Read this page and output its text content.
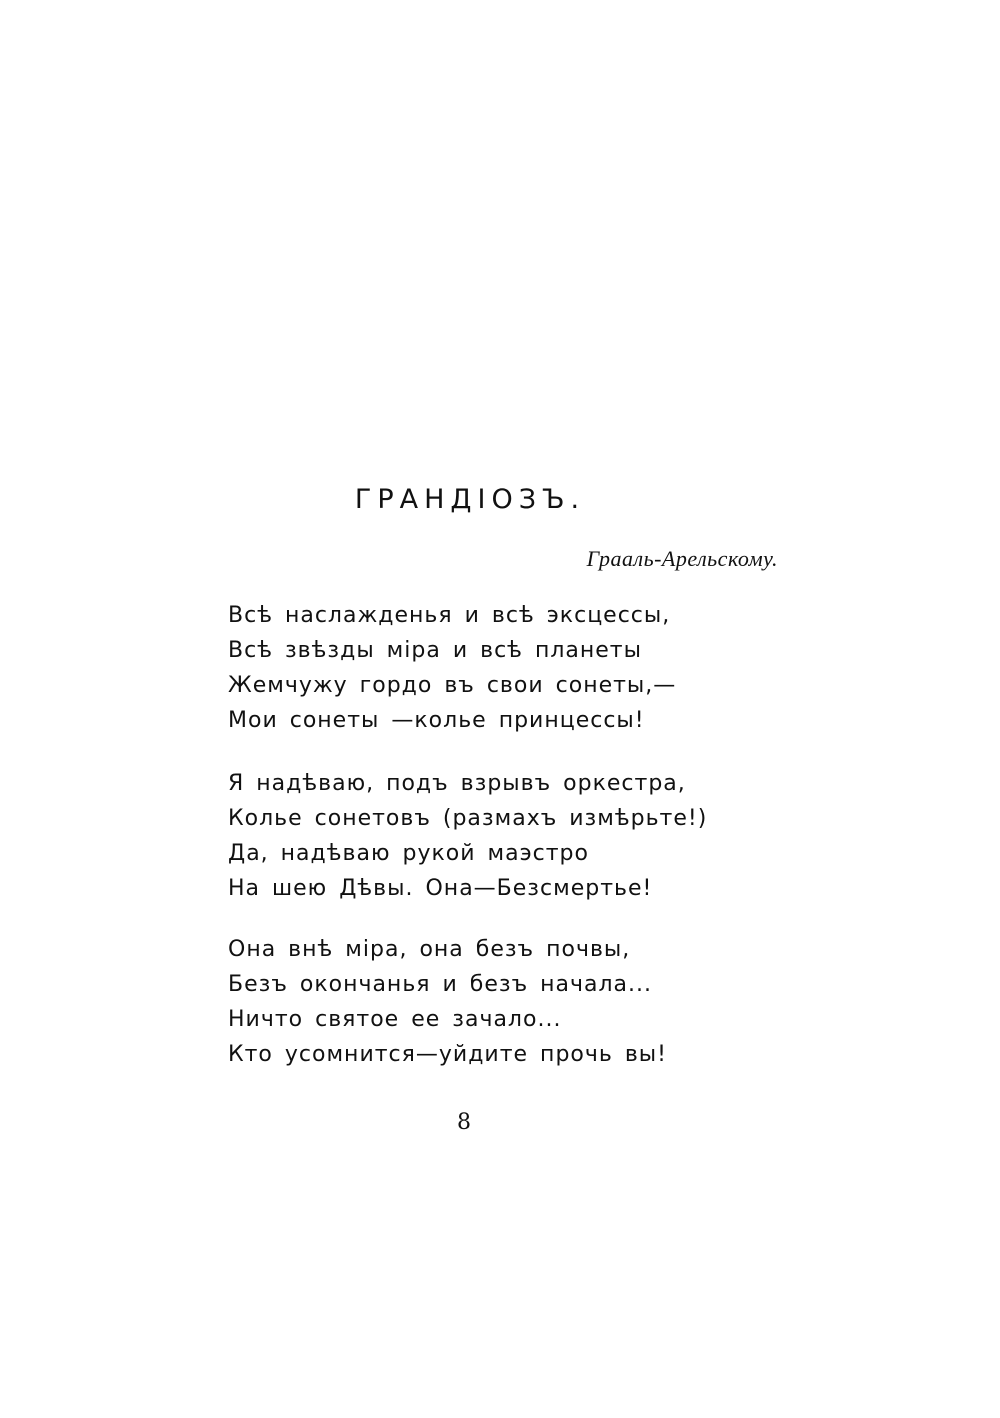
ГРАНДІОЗЪ.

Грааль-Арельскому.

Всѣ наслажденья и всѣ эксцессы,
Всѣ звѣзды міра и всѣ планеты
Жемчужу гордо въ свои сонеты,—
Мои сонеты —колье принцессы!
Я надѣваю, подъ взрывъ оркестра,
Колье сонетовъ (размахъ измѣрьте!)
Да, надѣваю рукой маэстро
На шею Дѣвы. Она—Безсмертье!
Она внѣ міра, она безъ почвы,
Безъ окончанья и безъ начала...
Ничто святое ее зачало...
Кто усомнится—уйдите прочь вы!

8
